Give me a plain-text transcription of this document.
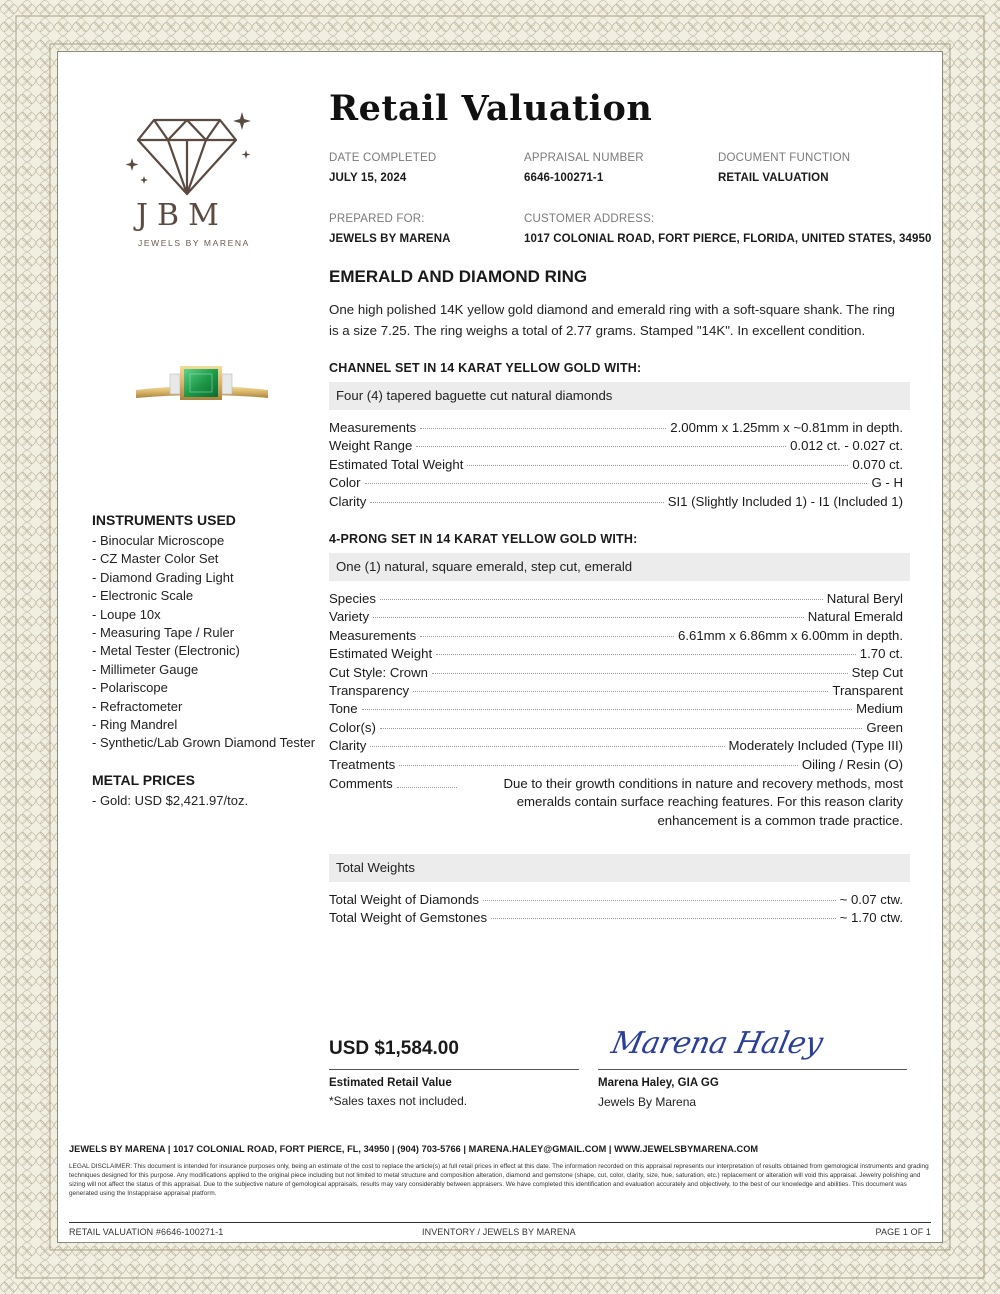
Retail Valuation
JBM
JEWELS BY MARENA
DATE COMPLETED
JULY 15, 2024
APPRAISAL NUMBER
6646-100271-1
DOCUMENT FUNCTION
RETAIL VALUATION
PREPARED FOR:
JEWELS BY MARENA
CUSTOMER ADDRESS:
1017 COLONIAL ROAD, FORT PIERCE, FLORIDA, UNITED STATES, 34950
INSTRUMENTS USED
- Binocular Microscope
- CZ Master Color Set
- Diamond Grading Light
- Electronic Scale
- Loupe 10x
- Measuring Tape / Ruler
- Metal Tester (Electronic)
- Millimeter Gauge
- Polariscope
- Refractometer
- Ring Mandrel
- Synthetic/Lab Grown Diamond Tester
METAL PRICES
- Gold: USD $2,421.97/toz.
EMERALD AND DIAMOND RING
One high polished 14K yellow gold diamond and emerald ring with a soft-square shank. The ring is a size 7.25. The ring weighs a total of 2.77 grams. Stamped "14K". In excellent condition.
CHANNEL SET IN 14 KARAT YELLOW GOLD WITH:
Four (4) tapered baguette cut natural diamonds
Measurements	2.00mm x 1.25mm x ~0.81mm in depth.
Weight Range	0.012 ct. - 0.027 ct.
Estimated Total Weight	0.070 ct.
Color	G - H
Clarity	SI1 (Slightly Included 1) - I1 (Included 1)
4-PRONG SET IN 14 KARAT YELLOW GOLD WITH:
One (1) natural, square emerald, step cut, emerald
Species	Natural Beryl
Variety	Natural Emerald
Measurements	6.61mm x 6.86mm x 6.00mm in depth.
Estimated Weight	1.70 ct.
Cut Style: Crown	Step Cut
Transparency	Transparent
Tone	Medium
Color(s)	Green
Clarity	Moderately Included (Type III)
Treatments	Oiling / Resin (O)
Comments	Due to their growth conditions in nature and recovery methods, most emeralds contain surface reaching features. For this reason clarity enhancement is a common trade practice.
Total Weights
Total Weight of Diamonds	~ 0.07 ctw.
Total Weight of Gemstones	~ 1.70 ctw.
USD $1,584.00
Estimated Retail Value
*Sales taxes not included.
Marena Haley
Marena Haley, GIA GG
Jewels By Marena
JEWELS BY MARENA | 1017 COLONIAL ROAD, FORT PIERCE, FL, 34950 | (904) 703-5766 | MARENA.HALEY@GMAIL.COM | WWW.JEWELSBYMARENA.COM
LEGAL DISCLAIMER: This document is intended for insurance purposes only, being an estimate of the cost to replace the article(s) at full retail prices in effect at this date. The information recorded on this appraisal represents our interpretation of results obtained from gemological instruments and grading techniques designed for this purpose. Any modifications applied to the original piece including but not limited to metal structure and composition alteration, diamond and gemstone (shape, cut, color, clarity, size, hue, saturation, etc.) replacement or alteration will void this appraisal. Jewelry polishing and sizing will not affect the status of this appraisal. Due to the subjective nature of gemological appraisals, results may vary considerably between appraisers. We have completed this identification and evaluation accurately and objectively, to the best of our knowledge and abilities. This document was generated using the Instappraise appraisal platform.
RETAIL VALUATION #6646-100271-1	INVENTORY / JEWELS BY MARENA	PAGE 1 OF 1
